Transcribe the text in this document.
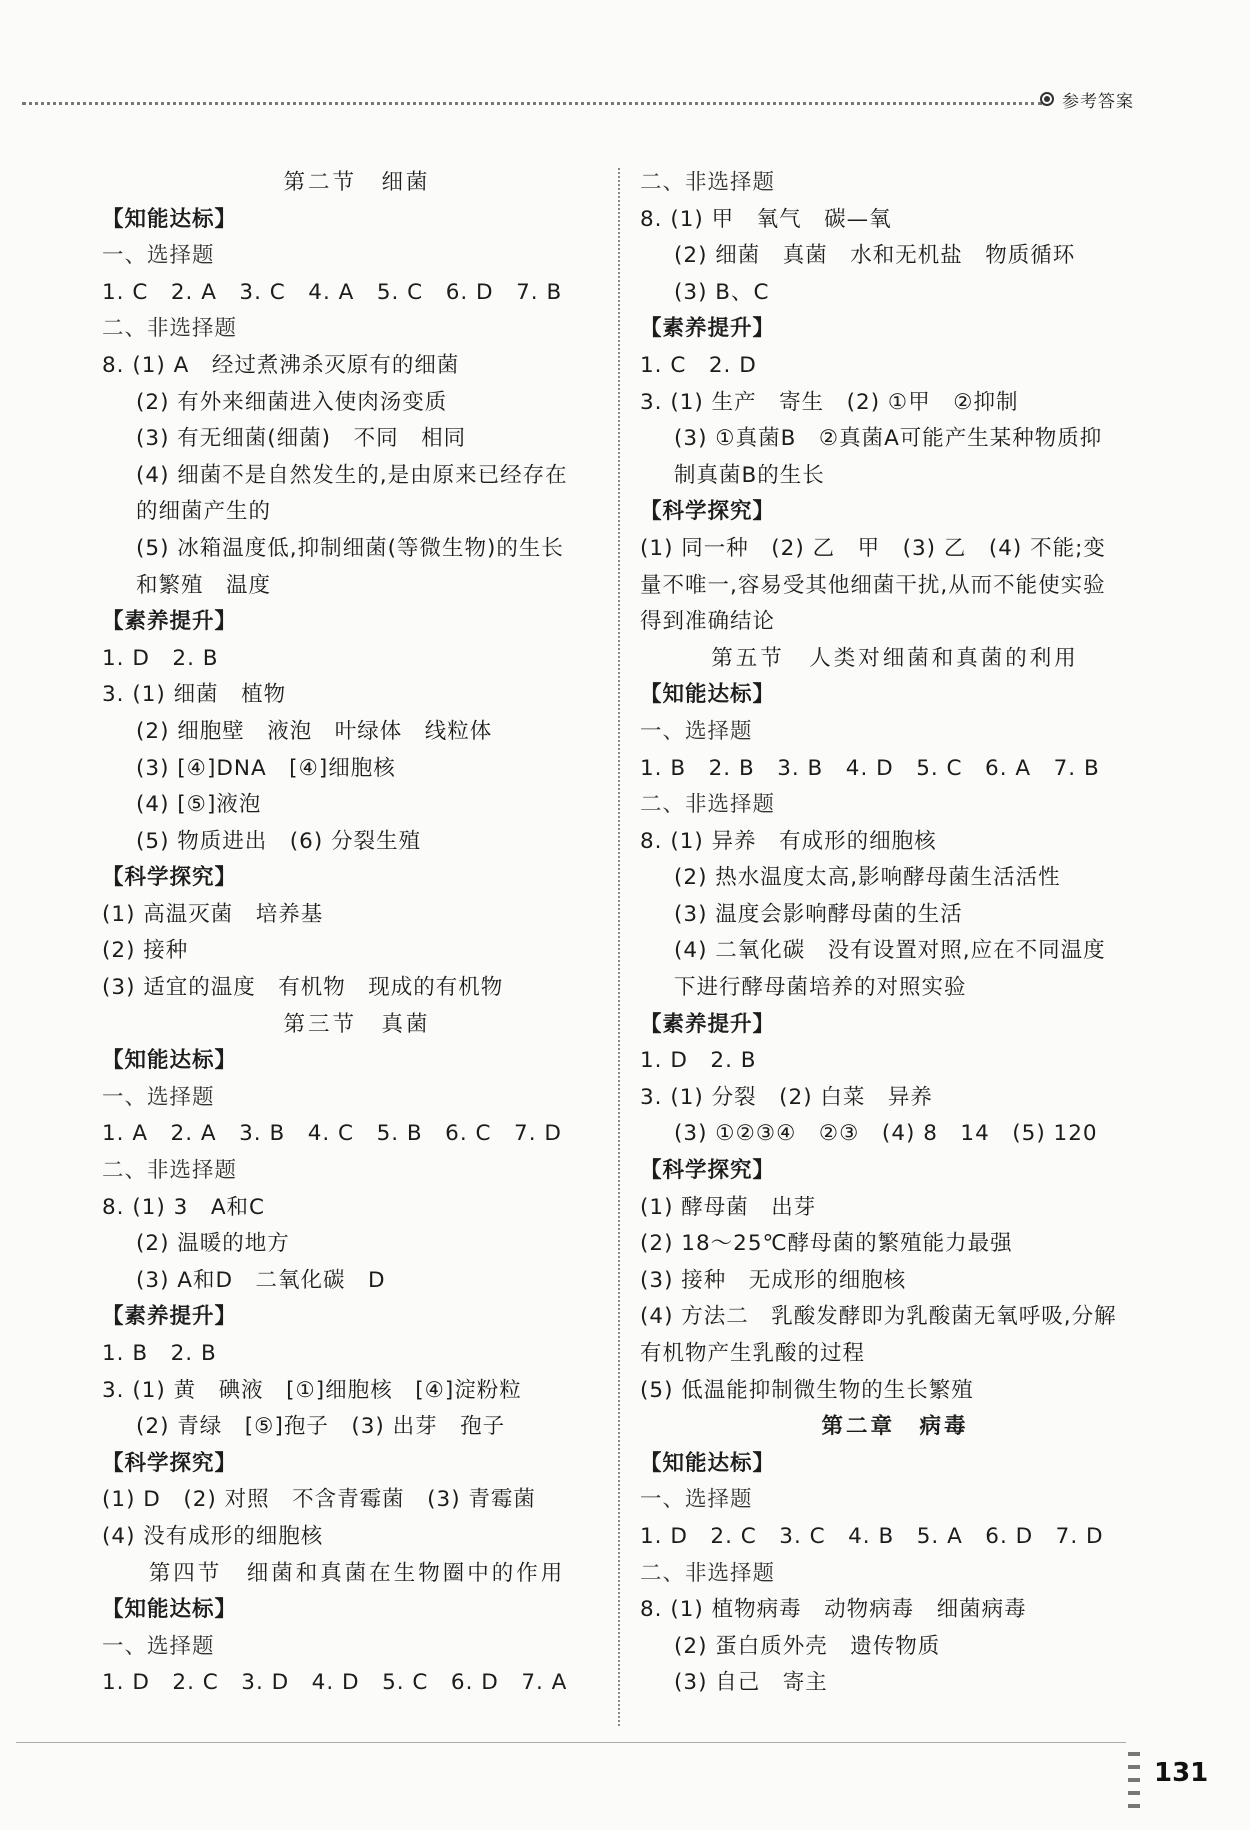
参考答案
第二节　细菌
【知能达标】
一、选择题
1. C　2. A　3. C　4. A　5. C　6. D　7. B
二、非选择题
8. (1) A　经过煮沸杀灭原有的细菌
(2) 有外来细菌进入使肉汤变质
(3) 有无细菌(细菌)　不同　相同
(4) 细菌不是自然发生的,是由原来已经存在
的细菌产生的
(5) 冰箱温度低,抑制细菌(等微生物)的生长
和繁殖　温度
【素养提升】
1. D　2. B
3. (1) 细菌　植物
(2) 细胞壁　液泡　叶绿体　线粒体
(3) [④]DNA　[④]细胞核
(4) [⑤]液泡
(5) 物质进出　(6) 分裂生殖
【科学探究】
(1) 高温灭菌　培养基
(2) 接种
(3) 适宜的温度　有机物　现成的有机物
第三节　真菌
【知能达标】
一、选择题
1. A　2. A　3. B　4. C　5. B　6. C　7. D
二、非选择题
8. (1) 3　A和C
(2) 温暖的地方
(3) A和D　二氧化碳　D
【素养提升】
1. B　2. B
3. (1) 黄　碘液　[①]细胞核　[④]淀粉粒
(2) 青绿　[⑤]孢子　(3) 出芽　孢子
【科学探究】
(1) D　(2) 对照　不含青霉菌　(3) 青霉菌
(4) 没有成形的细胞核
第四节　细菌和真菌在生物圈中的作用
【知能达标】
一、选择题
1. D　2. C　3. D　4. D　5. C　6. D　7. A
二、非选择题
8. (1) 甲　氧气　碳—氧
(2) 细菌　真菌　水和无机盐　物质循环
(3) B、C
【素养提升】
1. C　2. D
3. (1) 生产　寄生　(2) ①甲　②抑制
(3) ①真菌B　②真菌A可能产生某种物质抑
制真菌B的生长
【科学探究】
(1) 同一种　(2) 乙　甲　(3) 乙　(4) 不能;变
量不唯一,容易受其他细菌干扰,从而不能使实验
得到准确结论
第五节　人类对细菌和真菌的利用
【知能达标】
一、选择题
1. B　2. B　3. B　4. D　5. C　6. A　7. B
二、非选择题
8. (1) 异养　有成形的细胞核
(2) 热水温度太高,影响酵母菌生活活性
(3) 温度会影响酵母菌的生活
(4) 二氧化碳　没有设置对照,应在不同温度
下进行酵母菌培养的对照实验
【素养提升】
1. D　2. B
3. (1) 分裂　(2) 白菜　异养
(3) ①②③④　②③　(4) 8　14　(5) 120
【科学探究】
(1) 酵母菌　出芽
(2) 18～25℃酵母菌的繁殖能力最强
(3) 接种　无成形的细胞核
(4) 方法二　乳酸发酵即为乳酸菌无氧呼吸,分解
有机物产生乳酸的过程
(5) 低温能抑制微生物的生长繁殖
第二章　病毒
【知能达标】
一、选择题
1. D　2. C　3. C　4. B　5. A　6. D　7. D
二、非选择题
8. (1) 植物病毒　动物病毒　细菌病毒
(2) 蛋白质外壳　遗传物质
(3) 自己　寄主
131
